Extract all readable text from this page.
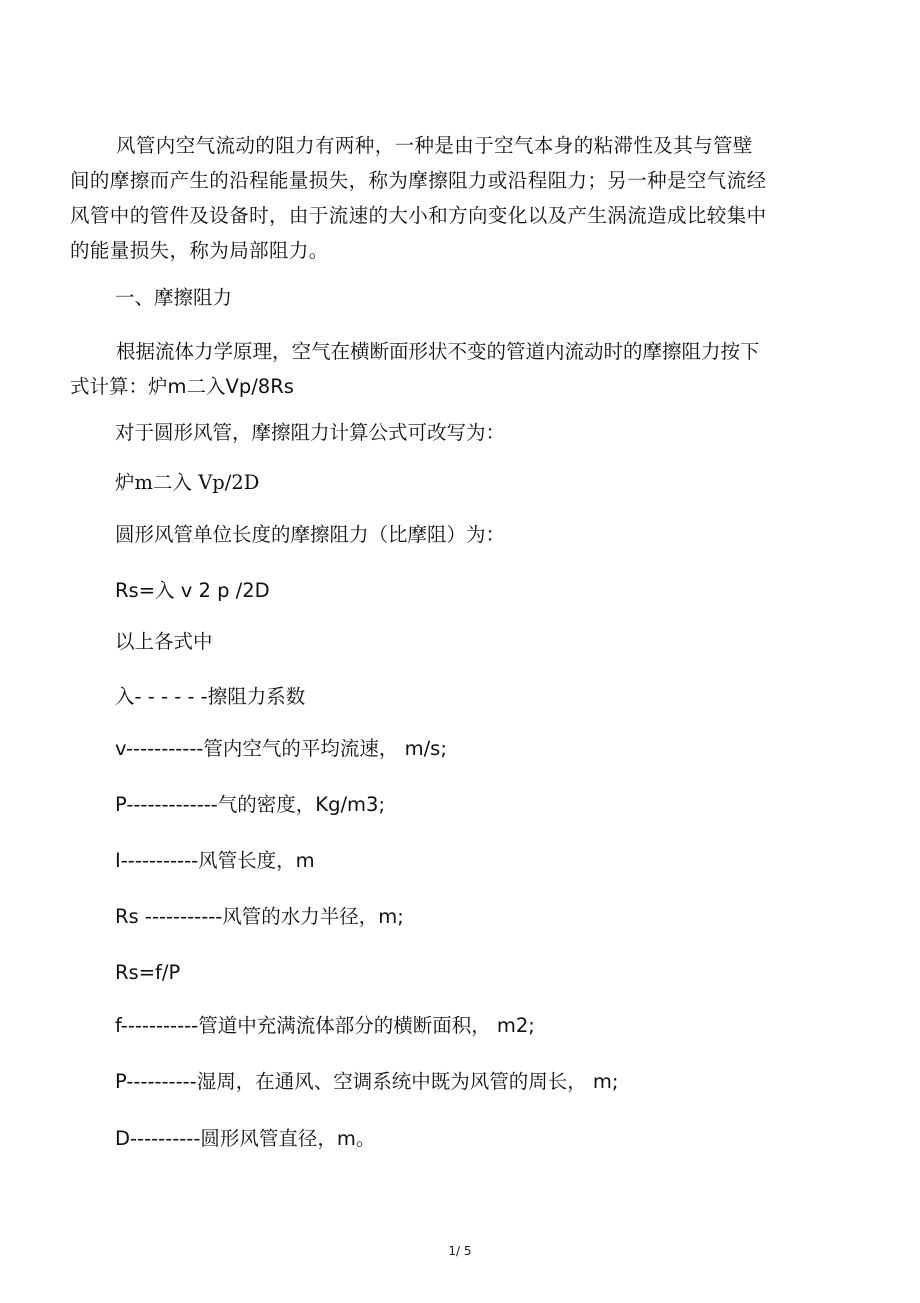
风管内空气流动的阻力有两种，一种是由于空气本身的粘滞性及其与管壁间的摩擦而产生的沿程能量损失，称为摩擦阻力或沿程阻力；另一种是空气流经风管中的管件及设备时，由于流速的大小和方向变化以及产生涡流造成比较集中的能量损失，称为局部阻力。

一、摩擦阻力

根据流体力学原理，空气在横断面形状不变的管道内流动时的摩擦阻力按下式计算：炉m二入Vp/8Rs

对于圆形风管，摩擦阻力计算公式可改写为：

炉m二入 Vp/2D

圆形风管单位长度的摩擦阻力（比摩阻）为：

Rs=入 v 2 p /2D

以上各式中

入- - - - - -擦阻力系数

v-----------管内空气的平均流速， m/s;

P-------------气的密度，Kg/m3;

I-----------风管长度，m

Rs -----------风管的水力半径，m;

Rs=f/P

f-----------管道中充满流体部分的横断面积， m2;

P----------湿周，在通风、空调系统中既为风管的周长， m;

D----------圆形风管直径，m。

1/ 5
